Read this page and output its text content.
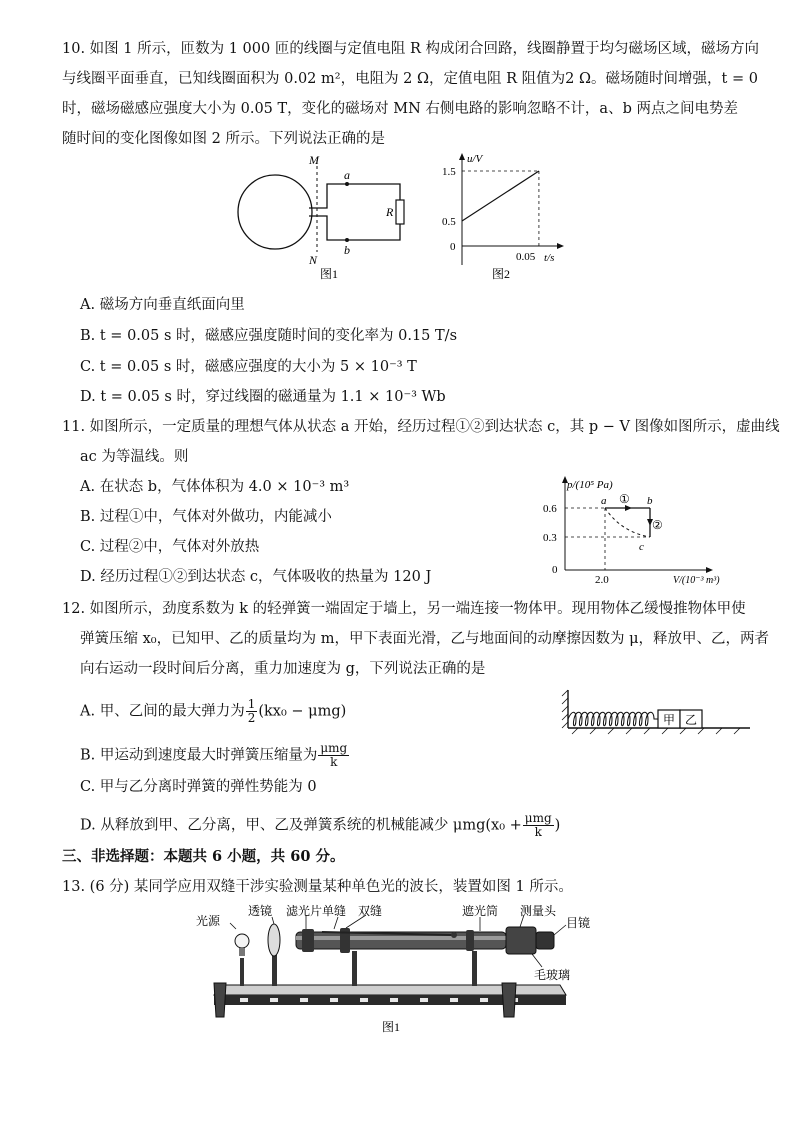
10. 如图 1 所示，匝数为 1 000 匝的线圈与定值电阻 R 构成闭合回路，线圈静置于均匀磁场区域，磁场方向
与线圈平面垂直，已知线圈面积为 0.02 m²，电阻为 2 Ω，定值电阻 R 阻值为2 Ω。磁场随时间增强，t = 0
时，磁场磁感应强度大小为 0.05 T，变化的磁场对 MN 右侧电路的影响忽略不计，a、b 两点之间电势差
随时间的变化图像如图 2 所示。下列说法正确的是
M
N
a
b
R
图1
u/V
t/s
1.5
0.5
0
0.05
图2
A. 磁场方向垂直纸面向里
B. t = 0.05 s 时，磁感应强度随时间的变化率为 0.15 T/s
C. t = 0.05 s 时，磁感应强度的大小为 5 × 10⁻³ T
D. t = 0.05 s 时，穿过线圈的磁通量为 1.1 × 10⁻³ Wb
11. 如图所示，一定质量的理想气体从状态 a 开始，经历过程①②到达状态 c，其 p − V 图像如图所示，虚曲线
ac 为等温线。则
A. 在状态 b，气体体积为 4.0 × 10⁻³ m³
B. 过程①中，气体对外做功，内能减小
C. 过程②中，气体对外放热
D. 经历过程①②到达状态 c，气体吸收的热量为 120 J
p/(10⁵ Pa)
V/(10⁻³ m³)
0.6
0.3
0
2.0
a	b
c
①
②
12. 如图所示，劲度系数为 k 的轻弹簧一端固定于墙上，另一端连接一物体甲。现用物体乙缓慢推物体甲使
弹簧压缩 x₀，已知甲、乙的质量均为 m，甲下表面光滑，乙与地面间的动摩擦因数为 μ，释放甲、乙，两者
向右运动一段时间后分离，重力加速度为 g，下列说法正确的是
A. 甲、乙间的最大弹力为 $\frac{1}{2} (kx_0 - \mu mg)$
B. 甲运动到速度最大时弹簧压缩量为 $\frac{\text{μmg}}{k}$
C. 甲与乙分离时弹簧的弹性势能为 0
D. 从释放到甲、乙分离，甲、乙及弹簧系统的机械能减少 $\mu mg(x_0 + \frac{\text{μmg}}{k}$ )
甲 乙
三、非选择题：本题共 6 小题，共 60 分。
13. (6 分) 某同学应用双缝干涉实验测量某种单色光的波长，装置如图 1 所示。
光源
透镜 滤光片 单缝 双缝	遮光筒 测量头
目镜
毛玻璃
图1
